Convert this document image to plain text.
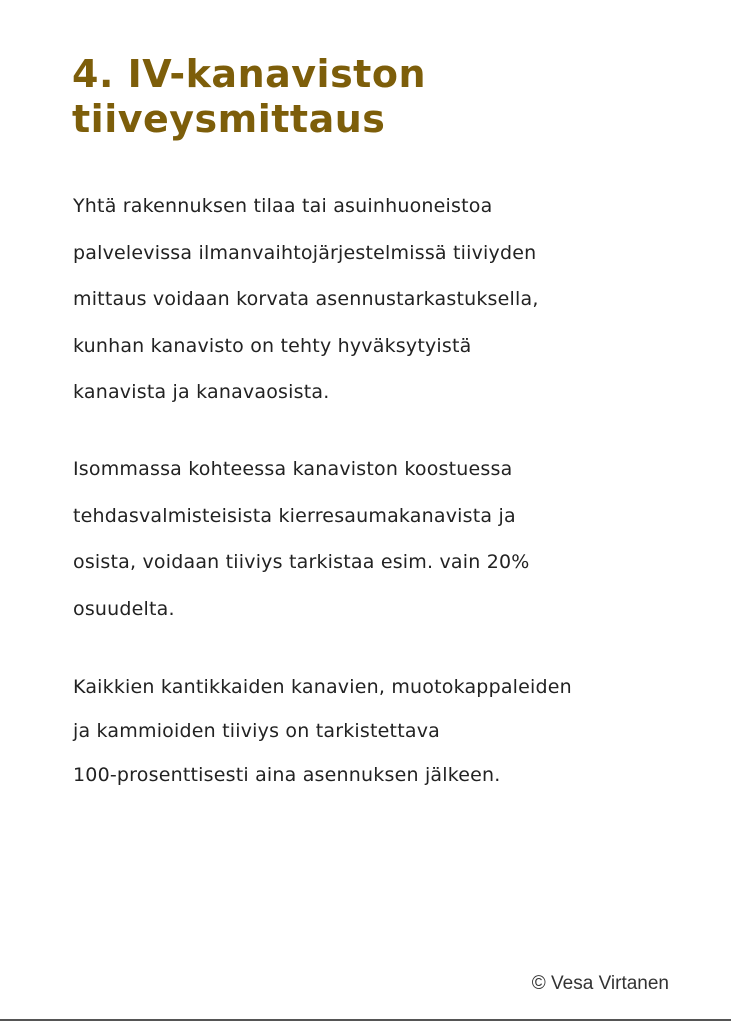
4. IV-kanaviston
tiiveysmittaus
Yhtä rakennuksen tilaa tai asuinhuoneistoa
palvelevissa ilmanvaihtojärjestelmissä tiiviyden
mittaus voidaan korvata asennustarkastuksella,
kunhan kanavisto on tehty hyväksytyistä
kanavista ja kanavaosista.
Isommassa kohteessa kanaviston koostuessa
tehdasvalmisteisista kierresaumakanavista ja
osista, voidaan tiiviys tarkistaa esim. vain 20%
osuudelta.
Kaikkien kantikkaiden kanavien, muotokappaleiden
ja kammioiden tiiviys on tarkistettava
100-prosenttisesti aina asennuksen jälkeen.

© Vesa Virtanen
